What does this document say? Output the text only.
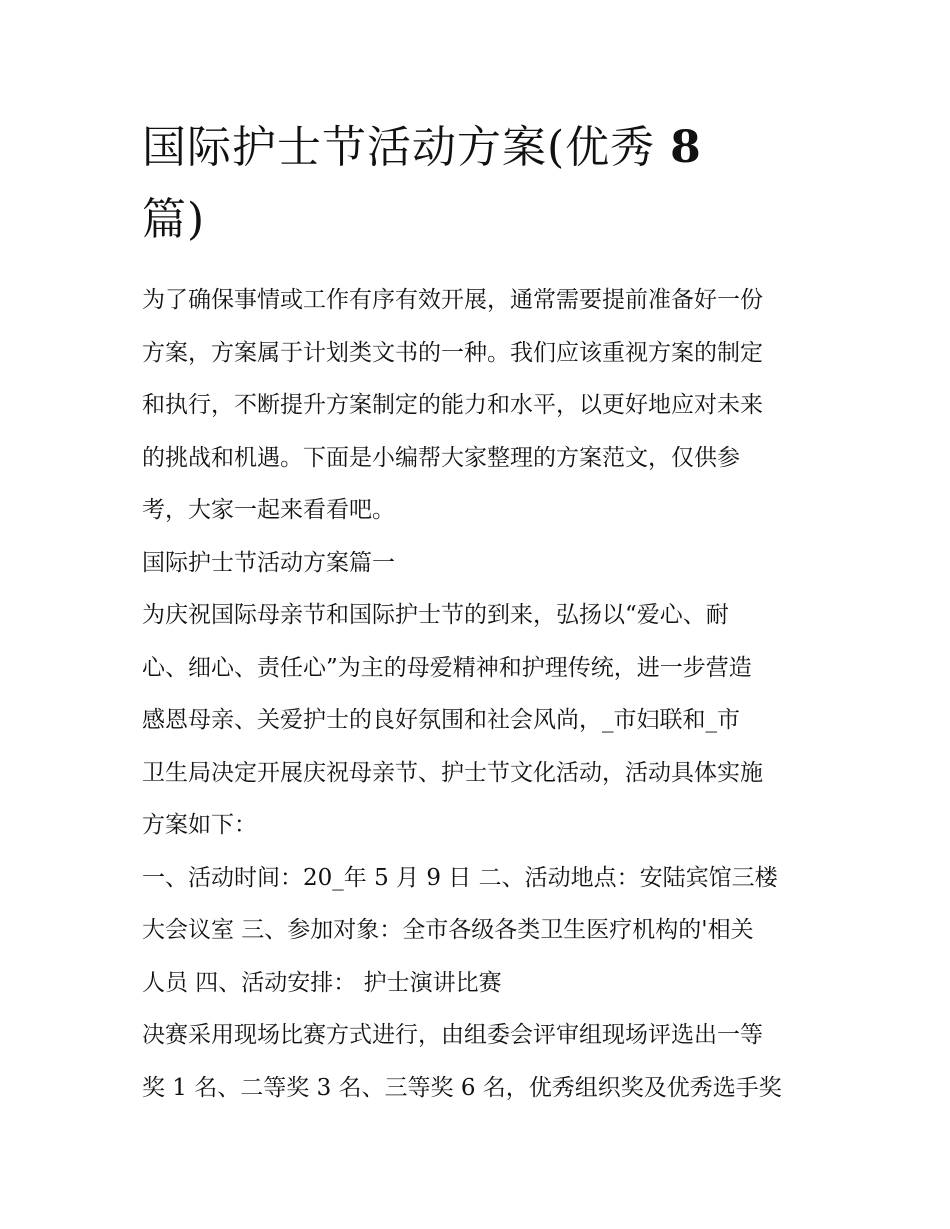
国际护士节活动方案(优秀 8
篇)

为了确保事情或工作有序有效开展，通常需要提前准备好一份
方案，方案属于计划类文书的一种。我们应该重视方案的制定
和执行，不断提升方案制定的能力和水平，以更好地应对未来
的挑战和机遇。下面是小编帮大家整理的方案范文，仅供参
考，大家一起来看看吧。

国际护士节活动方案篇一

为庆祝国际母亲节和国际护士节的到来，弘扬以“爱心、耐
心、细心、责任心”为主的母爱精神和护理传统，进一步营造
感恩母亲、关爱护士的良好氛围和社会风尚，_市妇联和_市
卫生局决定开展庆祝母亲节、护士节文化活动，活动具体实施
方案如下：

一、活动时间：20_年 5 月 9 日 二、活动地点：安陆宾馆三楼
大会议室 三、参加对象：全市各级各类卫生医疗机构的'相关
人员 四、活动安排： 护士演讲比赛

决赛采用现场比赛方式进行，由组委会评审组现场评选出一等
奖 1 名、二等奖 3 名、三等奖 6 名，优秀组织奖及优秀选手奖
